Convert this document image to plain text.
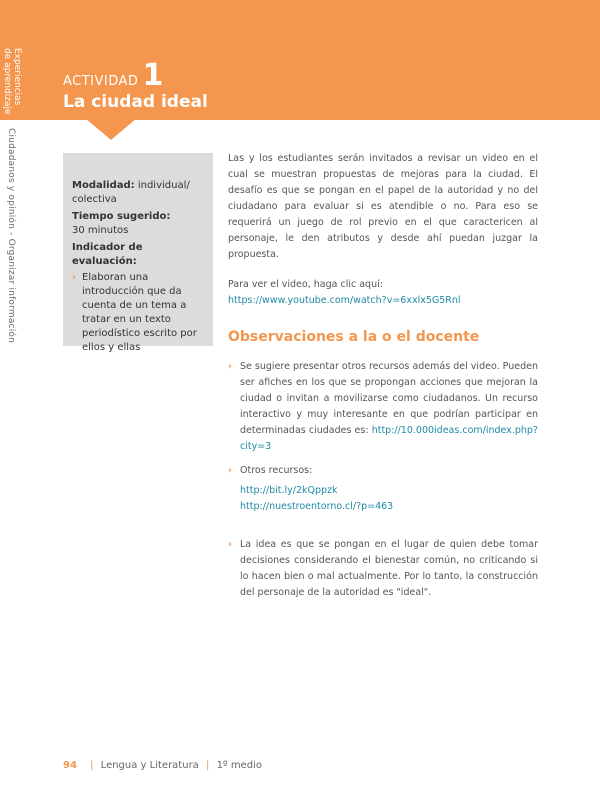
Experiencias
de aprendizaje
Ciudadanos y opinión - Organizar información
ACTIVIDAD 1
La ciudad ideal
Modalidad: individual/ colectiva
Tiempo sugerido:
30 minutos
Indicador de evaluación:
› Elaboran una introducción que da cuenta de un tema a tratar en un texto periodístico escrito por ellos y ellas

Las y los estudiantes serán invitados a revisar un video en el cual se muestran propuestas de mejoras para la ciudad. El desafío es que se pongan en el papel de la autoridad y no del ciudadano para evaluar si es atendible o no. Para eso se requerirá un juego de rol previo en el que caractericen al personaje, le den atributos y desde ahí puedan juzgar la propuesta.

Para ver el video, haga clic aquí:

https://www.youtube.com/watch?v=6xxlx5G5Rnl
Observaciones a la o el docente
› Se sugiere presentar otros recursos además del video. Pueden ser afiches en los que se propongan acciones que mejoran la ciudad o invitan a movilizarse como ciudadanos. Un recurso interactivo y muy interesante en que podrían participar en determinadas ciudades es: http://10.000ideas.com/index.php?city=3
› Otros recursos:
http://bit.ly/2kQppzk
http://nuestroentorno.cl/?p=463
› La idea es que se pongan en el lugar de quien debe tomar decisiones considerando el bienestar común, no criticando si lo hacen bien o mal actualmente. Por lo tanto, la construcción del personaje de la autoridad es "ideal".
94 | Lengua y Literatura | 1º medio
